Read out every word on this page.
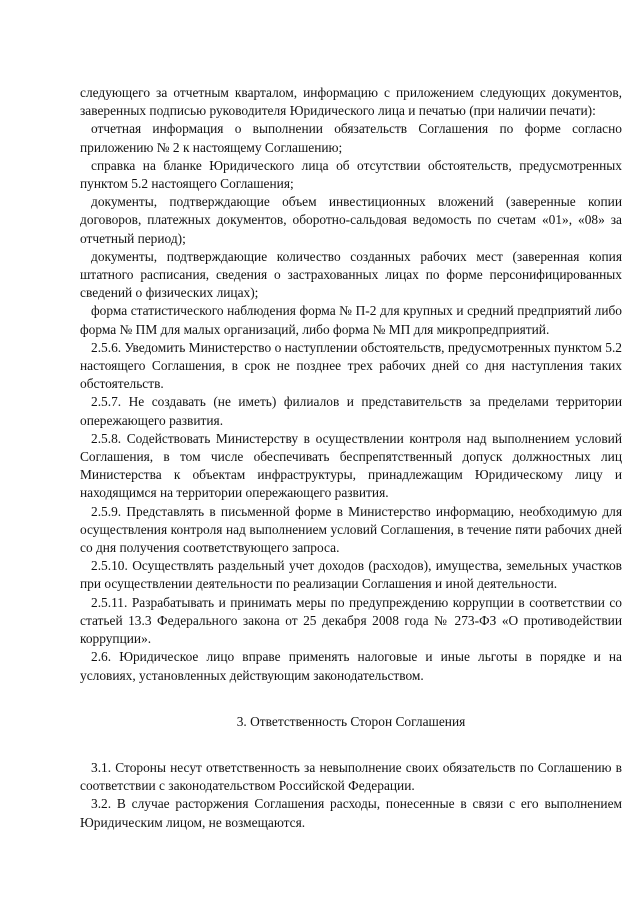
следующего за отчетным кварталом, информацию с приложением следующих документов, заверенных подписью руководителя Юридического лица и печатью (при наличии печати):

отчетная информация о выполнении обязательств Соглашения по форме согласно приложению № 2 к настоящему Соглашению;

справка на бланке Юридического лица об отсутствии обстоятельств, предусмотренных пунктом 5.2 настоящего Соглашения;

документы, подтверждающие объем инвестиционных вложений (заверенные копии договоров, платежных документов, оборотно-сальдовая ведомость по счетам «01», «08» за отчетный период);

документы, подтверждающие количество созданных рабочих мест (заверенная копия штатного расписания, сведения о застрахованных лицах по форме персонифицированных сведений о физических лицах);

форма статистического наблюдения форма № П-2 для крупных и средний предприятий либо форма № ПМ для малых организаций, либо форма № МП для микропредприятий.

2.5.6. Уведомить Министерство о наступлении обстоятельств, предусмотренных пунктом 5.2 настоящего Соглашения, в срок не позднее трех рабочих дней со дня наступления таких обстоятельств.

2.5.7. Не создавать (не иметь) филиалов и представительств за пределами территории опережающего развития.

2.5.8. Содействовать Министерству в осуществлении контроля над выполнением условий Соглашения, в том числе обеспечивать беспрепятственный допуск должностных лиц Министерства к объектам инфраструктуры, принадлежащим Юридическому лицу и находящимся на территории опережающего развития.

2.5.9. Представлять в письменной форме в Министерство информацию, необходимую для осуществления контроля над выполнением условий Соглашения, в течение пяти рабочих дней со дня получения соответствующего запроса.

2.5.10. Осуществлять раздельный учет доходов (расходов), имущества, земельных участков при осуществлении деятельности по реализации Соглашения и иной деятельности.

2.5.11. Разрабатывать и принимать меры по предупреждению коррупции в соответствии со статьей 13.3 Федерального закона от 25 декабря 2008 года № 273-ФЗ «О противодействии коррупции».

2.6. Юридическое лицо вправе применять налоговые и иные льготы в порядке и на условиях, установленных действующим законодательством.

3. Ответственность Сторон Соглашения

3.1. Стороны несут ответственность за невыполнение своих обязательств по Соглашению в соответствии с законодательством Российской Федерации.

3.2. В случае расторжения Соглашения расходы, понесенные в связи с его выполнением Юридическим лицом, не возмещаются.
